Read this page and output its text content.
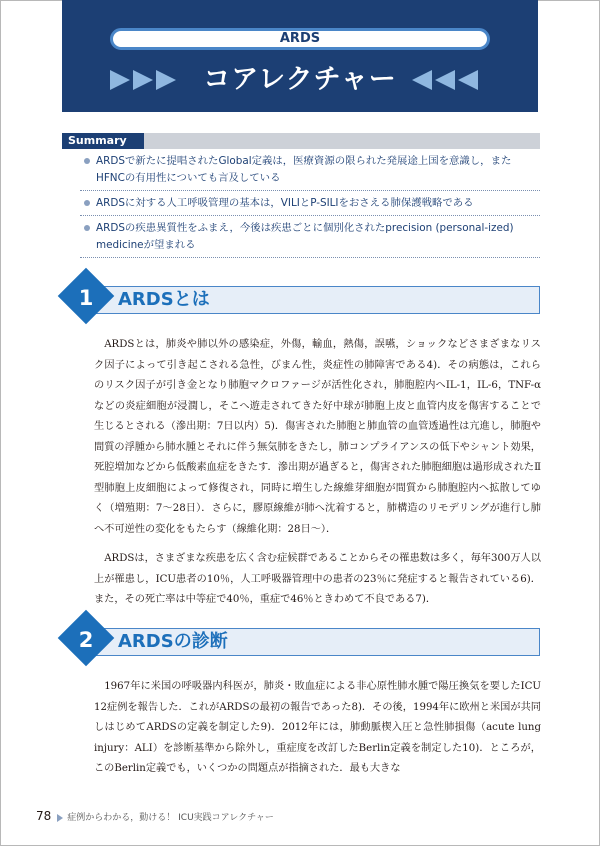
ARDS
コアレクチャー
Summary
ARDSで新たに提唱されたGlobal定義は，医療資源の限られた発展途上国を意識し，またHFNCの有用性についても言及している
ARDSに対する人工呼吸管理の基本は，VILIとP-SILIをおさえる肺保護戦略である
ARDSの疾患異質性をふまえ，今後は疾患ごとに個別化されたprecision (personal-ized) medicineが望まれる
1	ARDSとは

ARDSとは，肺炎や肺以外の感染症，外傷，輸血，熱傷，誤嚥，ショックなどさまざまなリスク因子によって引き起こされる急性，びまん性，炎症性の肺障害である4)．その病態は，これらのリスク因子が引き金となり肺胞マクロファージが活性化され，肺胞腔内へIL-1，IL-6，TNF-αなどの炎症細胞が浸潤し，そこへ遊走されてきた好中球が肺胞上皮と血管内皮を傷害することで生じるとされる（滲出期：7日以内）5)．傷害された肺胞と肺血管の血管透過性は亢進し，肺胞や間質の浮腫から肺水腫とそれに伴う無気肺をきたし，肺コンプライアンスの低下やシャント効果，死腔増加などから低酸素血症をきたす．滲出期が過ぎると，傷害された肺胞細胞は過形成されたⅡ型肺胞上皮細胞によって修復され，同時に増生した線維芽細胞が間質から肺胞腔内へ拡散してゆく（増殖期：7～28日）．さらに，膠原線維が肺へ沈着すると，肺構造のリモデリングが進行し肺へ不可逆性の変化をもたらす（線維化期：28日～）．

ARDSは，さまざまな疾患を広く含む症候群であることからその罹患数は多く，毎年300万人以上が罹患し，ICU患者の10％，人工呼吸器管理中の患者の23％に発症すると報告されている6)．また，その死亡率は中等症で40％，重症で46％ときわめて不良である7)．

2	ARDSの診断

1967年に米国の呼吸器内科医が，肺炎・敗血症による非心原性肺水腫で陽圧換気を要したICU 12症例を報告した．これがARDSの最初の報告であった8)．その後，1994年に欧州と米国が共同しはじめてARDSの定義を制定した9)．2012年には，肺動脈楔入圧と急性肺損傷（acute lung injury：ALI）を診断基準から除外し，重症度を改訂したBerlin定義を制定した10)．ところが，このBerlin定義でも，いくつかの問題点が指摘された．最も大きな

78 症例からわかる，動ける！ ICU実践コアレクチャー
